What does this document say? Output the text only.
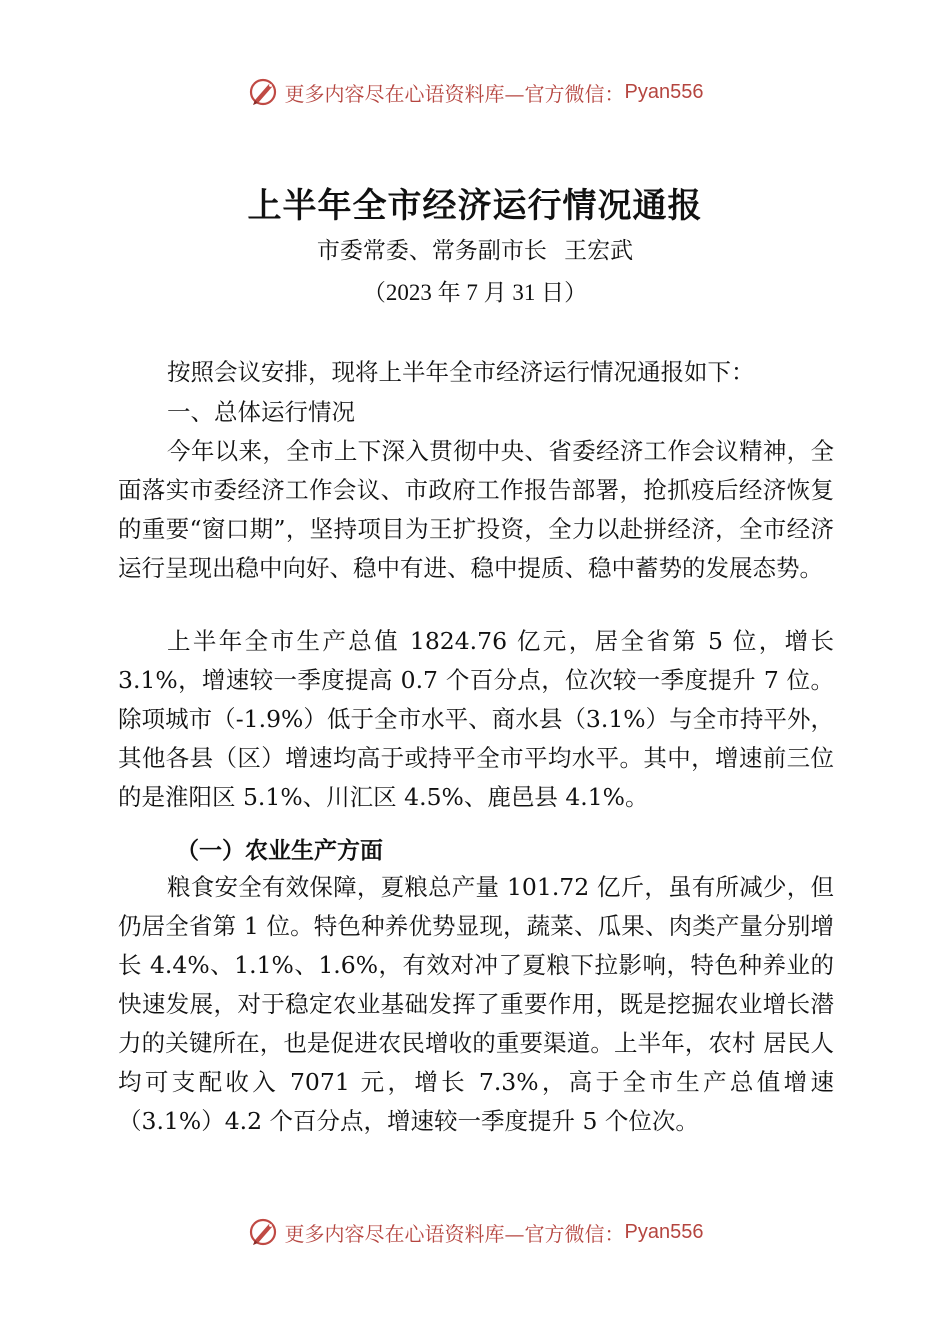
更多内容尽在心语资料库—官方微信： Pyan556
上半年全市经济运行情况通报
市委常委、常务副市长 王宏武
（2023 年 7 月 31 日）

按照会议安排，现将上半年全市经济运行情况通报如下：

一、总体运行情况

今年以来，全市上下深入贯彻中央、省委经济工作会议精神，全面落实市委经济工作会议、市政府工作报告部署，抢抓疫后经济恢复的重要“窗口期”，坚持项目为王扩投资，全力以赴拼经济，全市经济运行呈现出稳中向好、稳中有进、稳中提质、稳中蓄势的发展态势。

上半年全市生产总值 1824.76 亿元，居全省第 5 位，增长 3.1%，增速较一季度提高 0.7 个百分点，位次较一季度提升 7 位。除项城市（-1.9%）低于全市水平、商水县（3.1%）与全市持平外，其他各县（区）增速均高于或持平全市平均水平。其中，增速前三位的是淮阳区 5.1%、川汇区 4.5%、鹿邑县 4.1%。

（一）农业生产方面

粮食安全有效保障，夏粮总产量 101.72 亿斤，虽有所减少，但仍居全省第 1 位。特色种养优势显现，蔬菜、瓜果、肉类产量分别增长 4.4%、1.1%、1.6%，有效对冲了夏粮下拉影响，特色种养业的快速发展，对于稳定农业基础发挥了重要作用，既是挖掘农业增长潜力的关键所在，也是促进农民增收的重要渠道。上半年，农村 居民人均可支配收入 7071 元，增长 7.3%，高于全市生产总值增速（3.1%）4.2 个百分点，增速较一季度提升 5 个位次。

更多内容尽在心语资料库—官方微信： Pyan556
